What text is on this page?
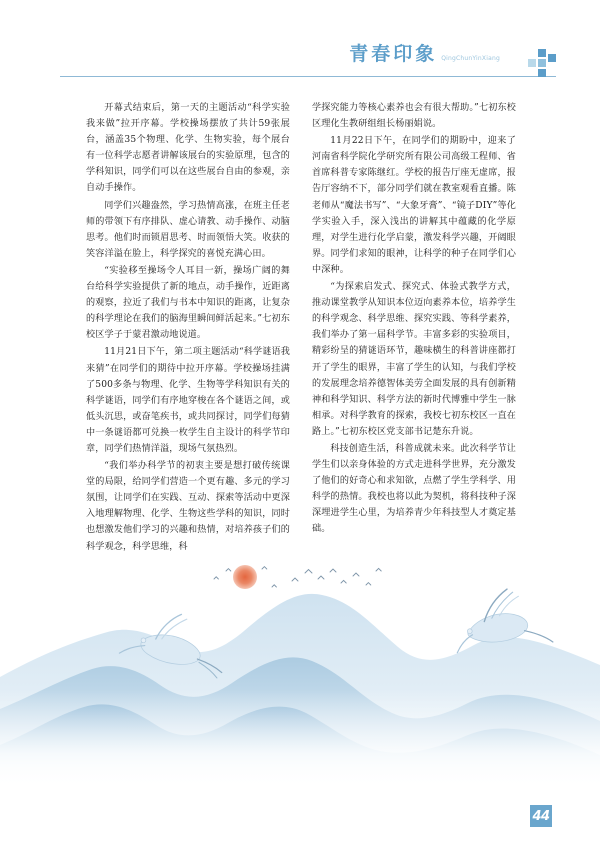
青春印象 QingChunYinXiang

开幕式结束后，第一天的主题活动“科学实验我来做”拉开序幕。学校操场摆放了共计59张展台，涵盖35个物理、化学、生物实验，每个展台有一位科学志愿者讲解该展台的实验原理，包含的学科知识，同学们可以在这些展台自由的参观，亲自动手操作。

同学们兴趣盎然，学习热情高涨，在班主任老师的带领下有序排队、虚心请教、动手操作、动脑思考。他们时而锁眉思考、时而领悟大笑。收获的笑容洋溢在脸上，科学探究的喜悦充满心田。

“实验移至操场令人耳目一新，操场广阔的舞台给科学实验提供了新的地点，动手操作，近距离的观察，拉近了我们与书本中知识的距离，让复杂的科学理论在我们的脑海里瞬间鲜活起来。”七初东校区学子于蒙君激动地说道。

11月21日下午，第二项主题活动“科学谜语我来猜”在同学们的期待中拉开序幕。学校操场挂满了500多条与物理、化学、生物等学科知识有关的科学谜语，同学们有序地穿梭在各个谜语之间，或低头沉思，或奋笔疾书，或共同探讨，同学们每猜中一条谜语都可兑换一枚学生自主设计的科学节印章，同学们热情洋溢，现场气氛热烈。

“我们举办科学节的初衷主要是想打破传统课堂的局限，给同学们营造一个更有趣、多元的学习氛围，让同学们在实践、互动、探索等活动中更深入地理解物理、化学、生物这些学科的知识，同时也想激发他们学习的兴趣和热情，对培养孩子们的科学观念，科学思维，科

学探究能力等核心素养也会有很大帮助。”七初东校区理化生教研组组长杨丽娟说。

11月22日下午，在同学们的期盼中，迎来了河南省科学院化学研究所有限公司高级工程师、省首席科普专家陈继红。学校的报告厅座无虚席，报告厅容纳不下，部分同学们就在教室观看直播。陈老师从“魔法书写”、“大象牙膏”、“镜子DIY”等化学实验入手，深入浅出的讲解其中蕴藏的化学原理，对学生进行化学启蒙，激发科学兴趣，开阔眼界。同学们求知的眼神，让科学的种子在同学们心中深种。

“为探索启发式、探究式、体验式教学方式，推动课堂教学从知识本位迈向素养本位，培养学生的科学观念、科学思维、探究实践、等科学素养，我们举办了第一届科学节。丰富多彩的实验项目，精彩纷呈的猜谜语环节，趣味横生的科普讲座都打开了学生的眼界，丰富了学生的认知，与我们学校的发展理念培养德智体美劳全面发展的具有创新精神和科学知识、科学方法的新时代博雅中学生一脉相承。对科学教育的探索，我校七初东校区一直在路上。”七初东校区党支部书记楚东升说。

科技创造生活，科普成就未来。此次科学节让学生们以亲身体验的方式走进科学世界，充分激发了他们的好奇心和求知欲，点燃了学生学科学、用科学的热情。我校也将以此为契机，将科技种子深深埋进学生心里，为培养青少年科技型人才奠定基础。

44
